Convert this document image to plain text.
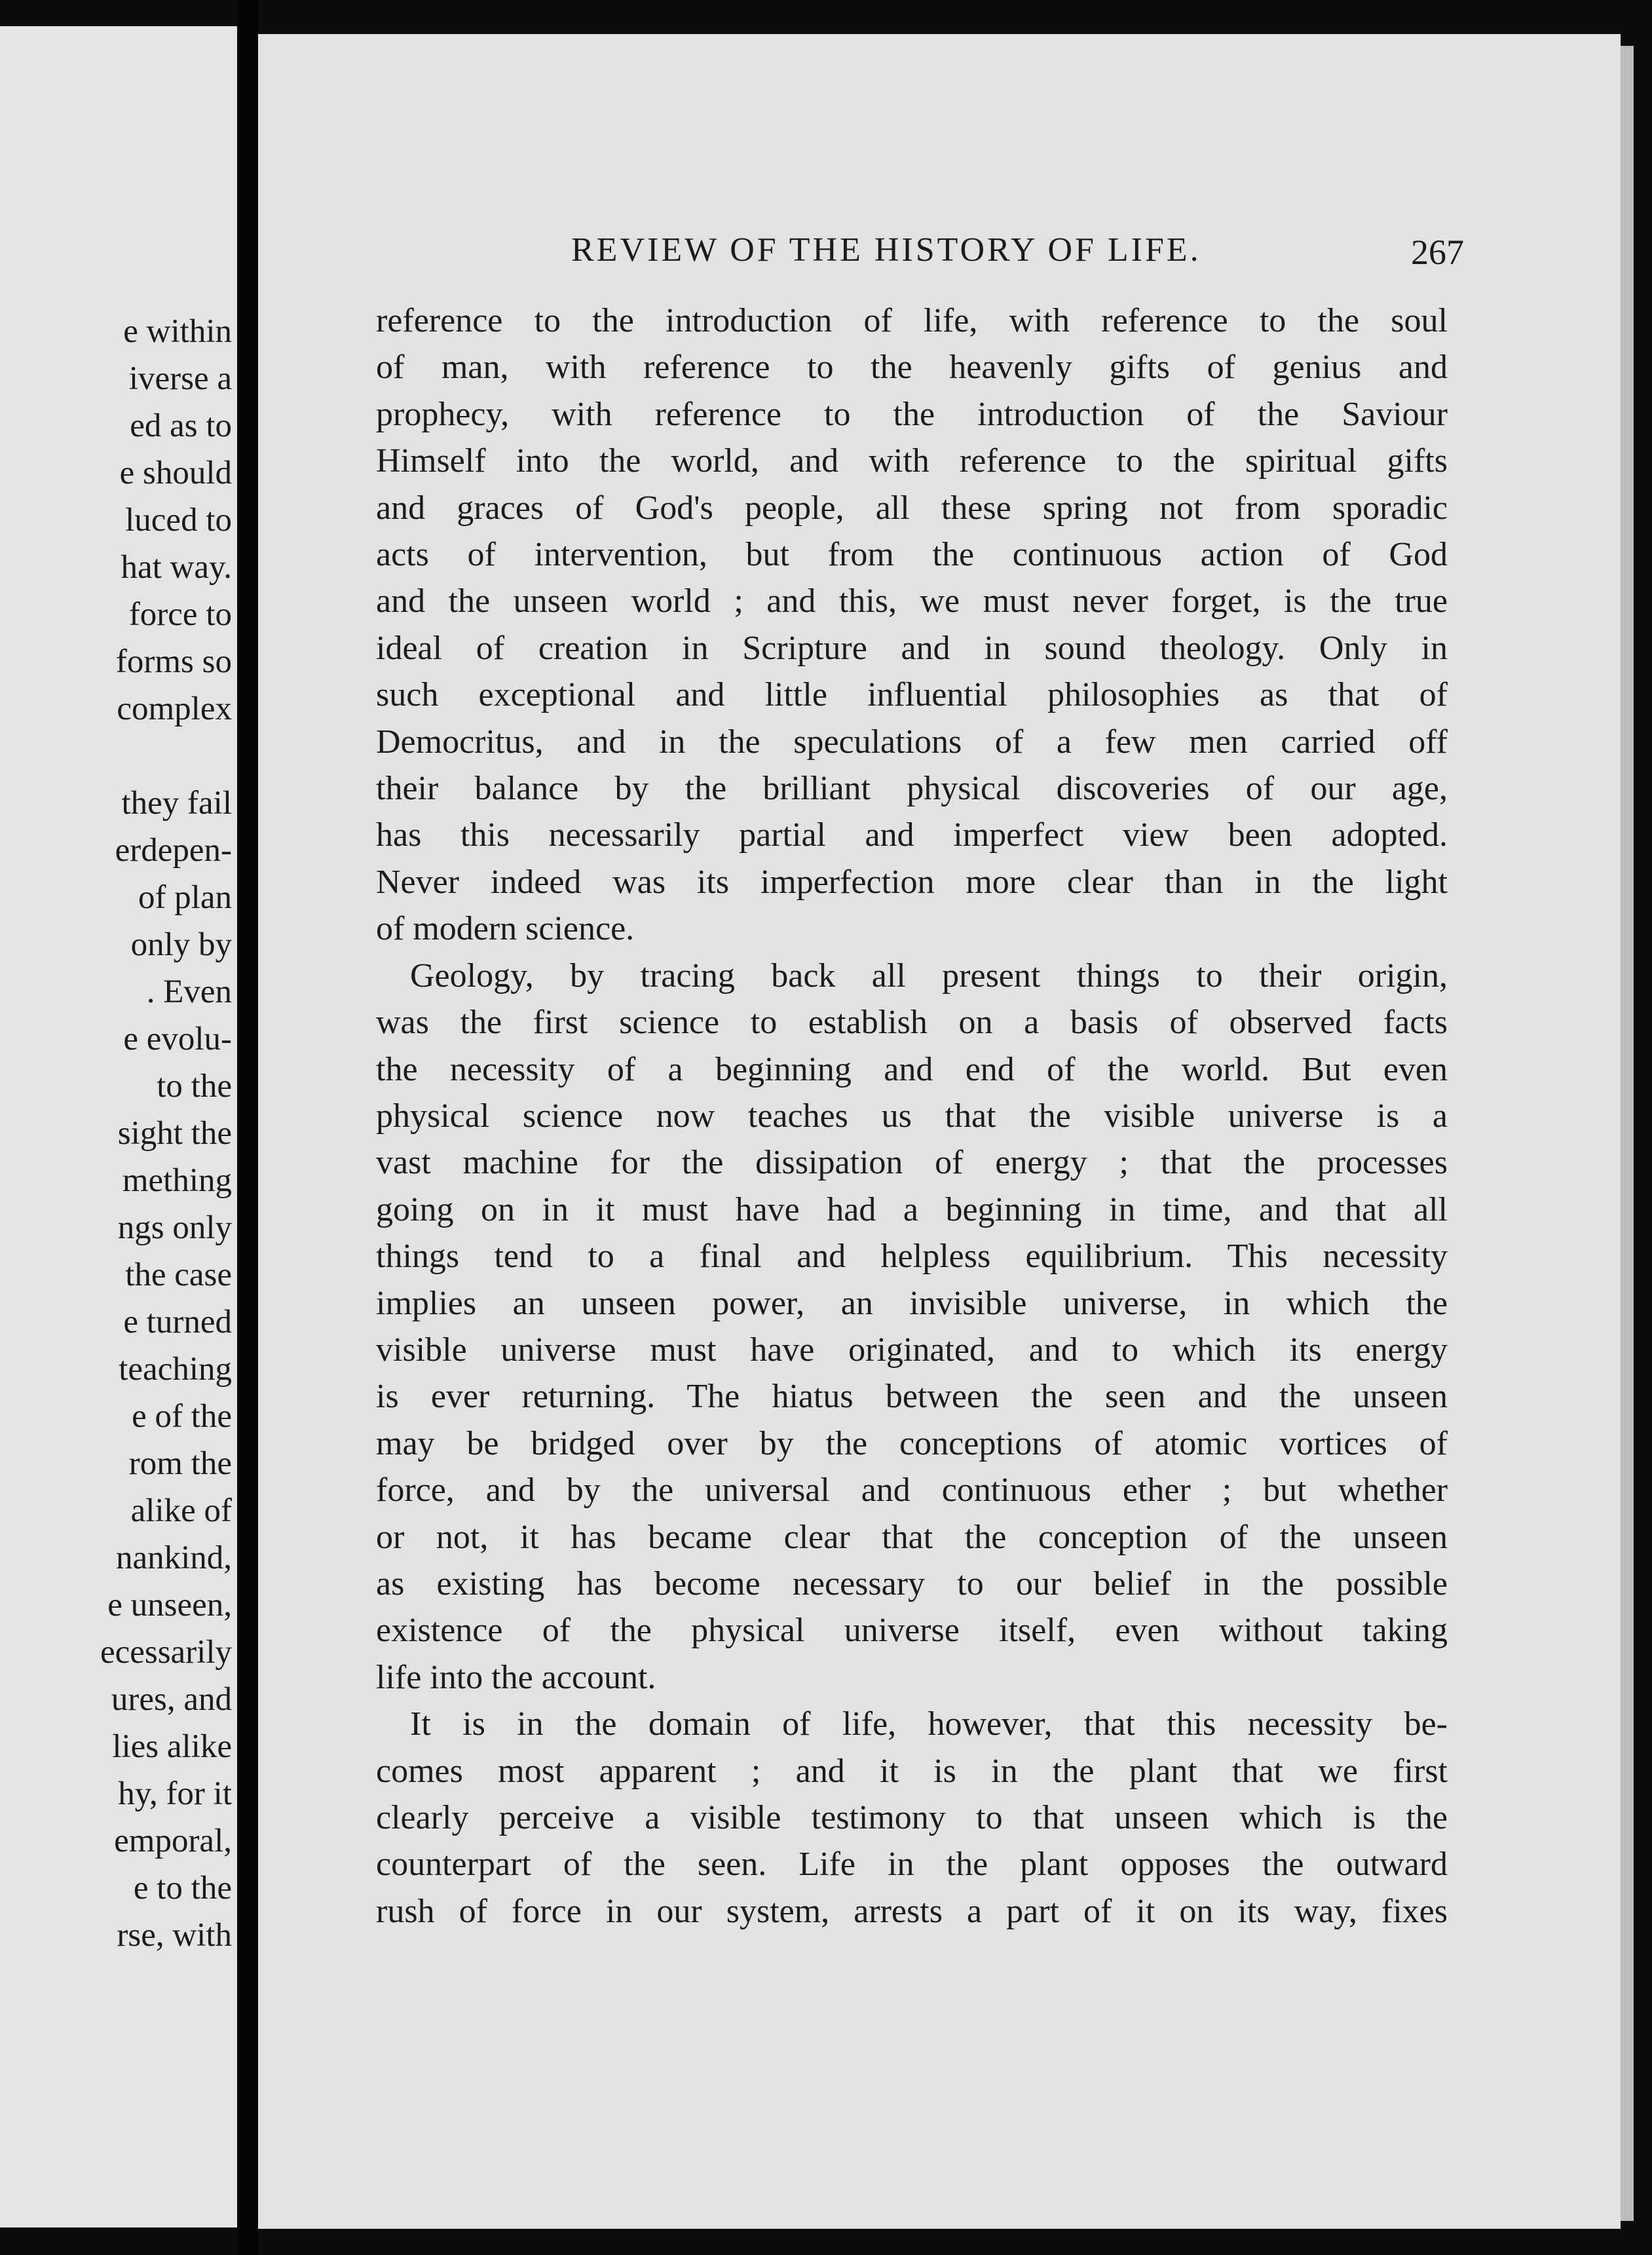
e within
iverse a
ed as to
e should
luced to
hat way.
force to
forms so
complex

they fail
erdepen-
of plan
only by
. Even
e evolu-
to the
sight the
mething
ngs only
the case
e turned
teaching
e of the
rom the
alike of
nankind,
e unseen,
ecessarily
ures, and
lies alike
hy, for it
emporal,
e to the
rse, with
REVIEW OF THE HISTORY OF LIFE.	267
reference to the introduction of life, with reference to the soul
of man, with reference to the heavenly gifts of genius and
prophecy, with reference to the introduction of the Saviour
Himself into the world, and with reference to the spiritual gifts
and graces of God's people, all these spring not from sporadic
acts of intervention, but from the continuous action of God
and the unseen world ; and this, we must never forget, is the true
ideal of creation in Scripture and in sound theology. Only in
such exceptional and little influential philosophies as that of
Democritus, and in the speculations of a few men carried off
their balance by the brilliant physical discoveries of our age,
has this necessarily partial and imperfect view been adopted.
Never indeed was its imperfection more clear than in the light
of modern science.
Geology, by tracing back all present things to their origin,
was the first science to establish on a basis of observed facts
the necessity of a beginning and end of the world. But even
physical science now teaches us that the visible universe is a
vast machine for the dissipation of energy ; that the processes
going on in it must have had a beginning in time, and that all
things tend to a final and helpless equilibrium. This necessity
implies an unseen power, an invisible universe, in which the
visible universe must have originated, and to which its energy
is ever returning. The hiatus between the seen and the unseen
may be bridged over by the conceptions of atomic vortices of
force, and by the universal and continuous ether ; but whether
or not, it has became clear that the conception of the unseen
as existing has become necessary to our belief in the possible
existence of the physical universe itself, even without taking
life into the account.
It is in the domain of life, however, that this necessity be-
comes most apparent ; and it is in the plant that we first
clearly perceive a visible testimony to that unseen which is the
counterpart of the seen. Life in the plant opposes the outward
rush of force in our system, arrests a part of it on its way, fixes
